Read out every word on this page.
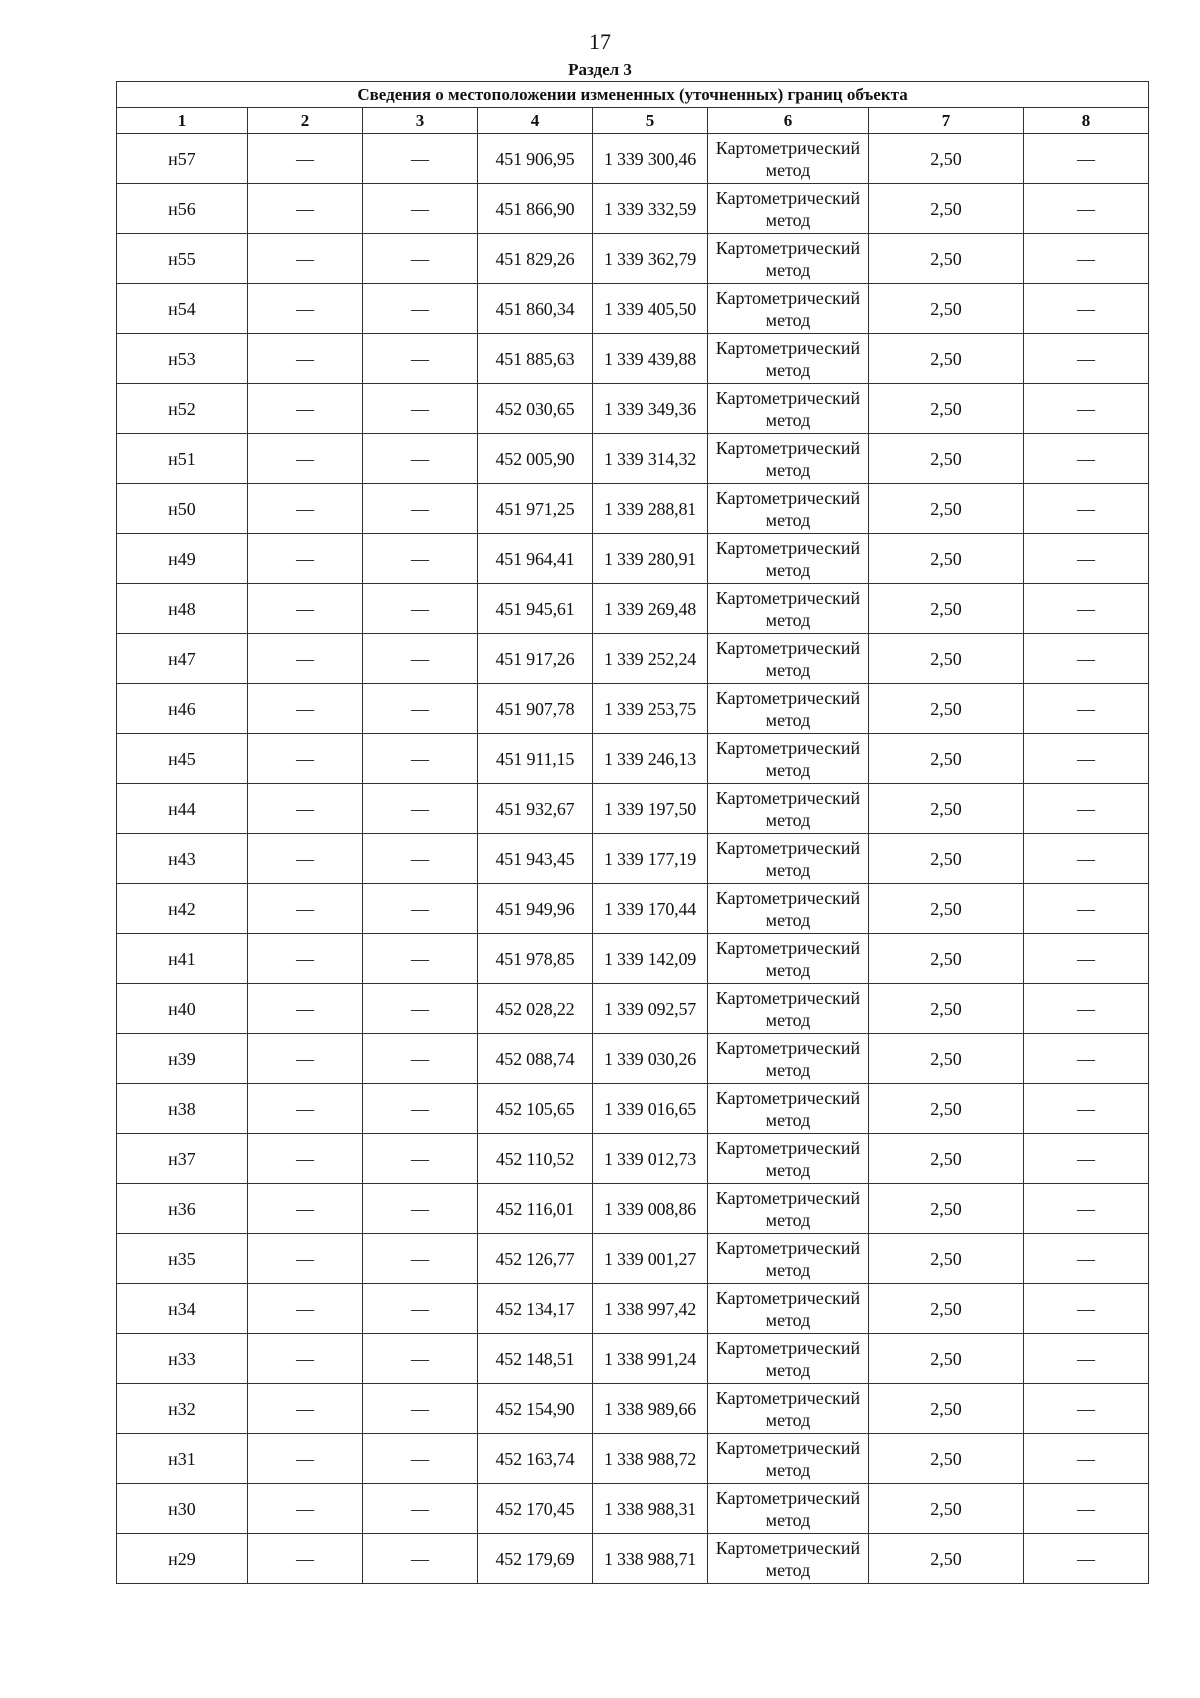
17
Раздел 3
Сведения о местоположении измененных (уточненных) границ объекта							
1	2	3	4	5	6	7	8
н57	—	—	451 906,95	1 339 300,46	Картометрический метод	2,50	—
н56	—	—	451 866,90	1 339 332,59	Картометрический метод	2,50	—
н55	—	—	451 829,26	1 339 362,79	Картометрический метод	2,50	—
н54	—	—	451 860,34	1 339 405,50	Картометрический метод	2,50	—
н53	—	—	451 885,63	1 339 439,88	Картометрический метод	2,50	—
н52	—	—	452 030,65	1 339 349,36	Картометрический метод	2,50	—
н51	—	—	452 005,90	1 339 314,32	Картометрический метод	2,50	—
н50	—	—	451 971,25	1 339 288,81	Картометрический метод	2,50	—
н49	—	—	451 964,41	1 339 280,91	Картометрический метод	2,50	—
н48	—	—	451 945,61	1 339 269,48	Картометрический метод	2,50	—
н47	—	—	451 917,26	1 339 252,24	Картометрический метод	2,50	—
н46	—	—	451 907,78	1 339 253,75	Картометрический метод	2,50	—
н45	—	—	451 911,15	1 339 246,13	Картометрический метод	2,50	—
н44	—	—	451 932,67	1 339 197,50	Картометрический метод	2,50	—
н43	—	—	451 943,45	1 339 177,19	Картометрический метод	2,50	—
н42	—	—	451 949,96	1 339 170,44	Картометрический метод	2,50	—
н41	—	—	451 978,85	1 339 142,09	Картометрический метод	2,50	—
н40	—	—	452 028,22	1 339 092,57	Картометрический метод	2,50	—
н39	—	—	452 088,74	1 339 030,26	Картометрический метод	2,50	—
н38	—	—	452 105,65	1 339 016,65	Картометрический метод	2,50	—
н37	—	—	452 110,52	1 339 012,73	Картометрический метод	2,50	—
н36	—	—	452 116,01	1 339 008,86	Картометрический метод	2,50	—
н35	—	—	452 126,77	1 339 001,27	Картометрический метод	2,50	—
н34	—	—	452 134,17	1 338 997,42	Картометрический метод	2,50	—
н33	—	—	452 148,51	1 338 991,24	Картометрический метод	2,50	—
н32	—	—	452 154,90	1 338 989,66	Картометрический метод	2,50	—
н31	—	—	452 163,74	1 338 988,72	Картометрический метод	2,50	—
н30	—	—	452 170,45	1 338 988,31	Картометрический метод	2,50	—
н29	—	—	452 179,69	1 338 988,71	Картометрический метод	2,50	—
